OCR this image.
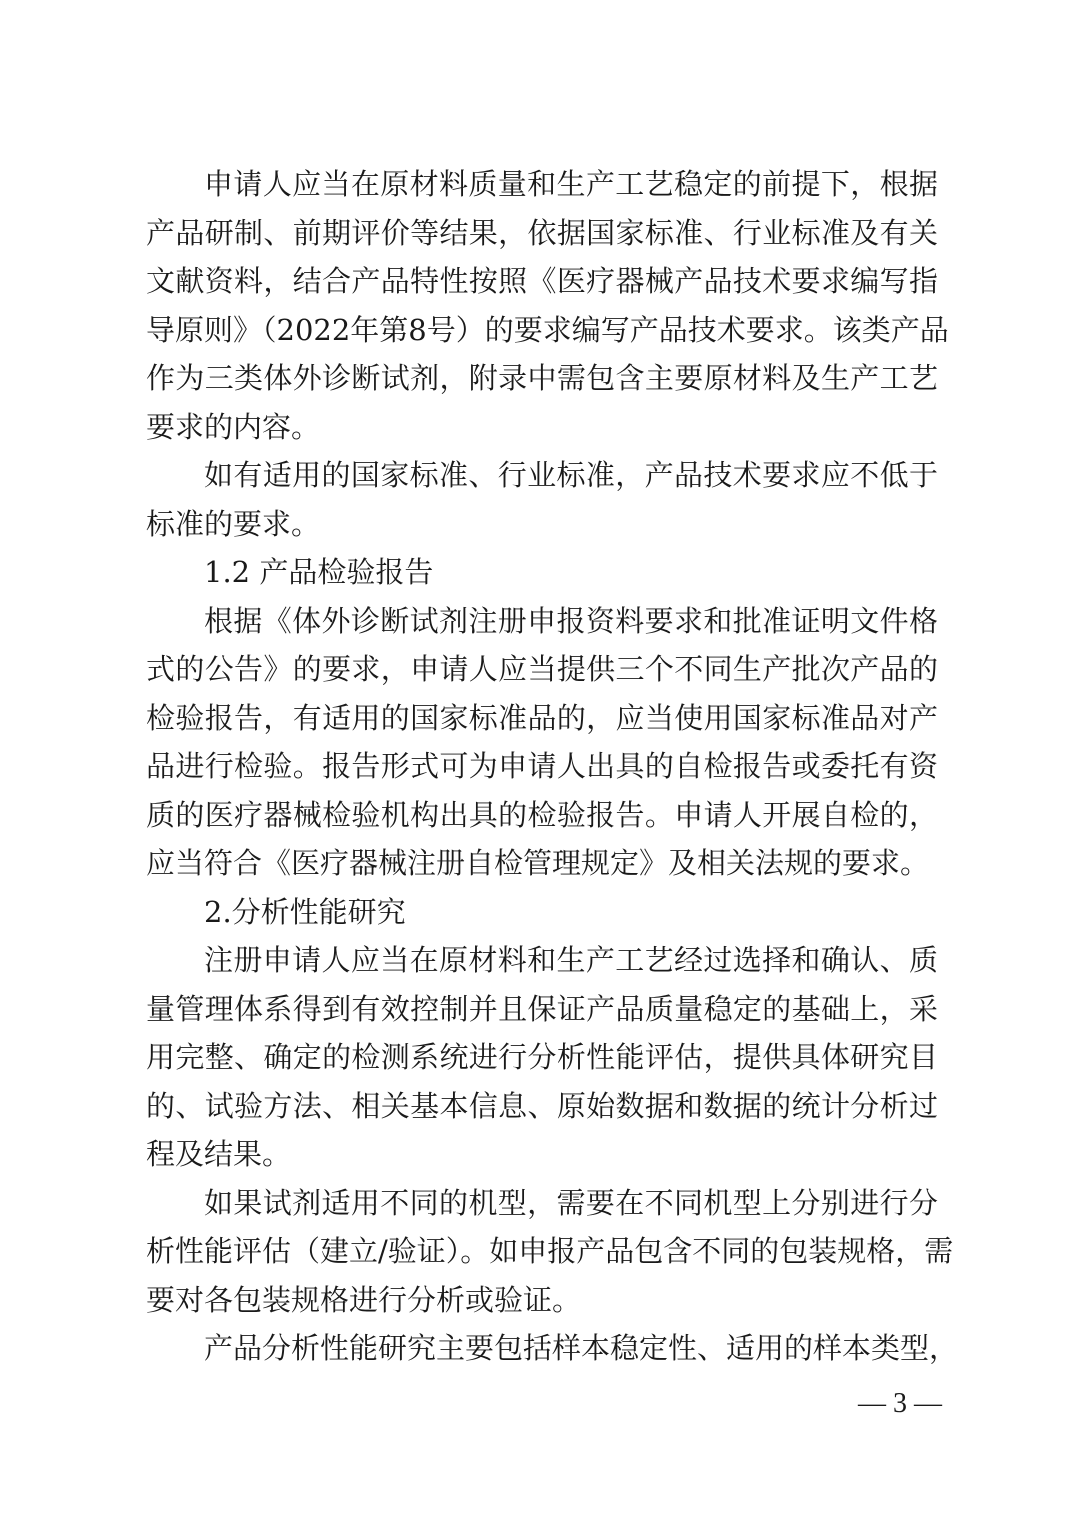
申请人应当在原材料质量和生产工艺稳定的前提下，根据
产品研制、前期评价等结果，依据国家标准、行业标准及有关
文献资料，结合产品特性按照《医疗器械产品技术要求编写指
导原则》（2022年第8号）的要求编写产品技术要求。该类产品
作为三类体外诊断试剂，附录中需包含主要原材料及生产工艺
要求的内容。
如有适用的国家标准、行业标准，产品技术要求应不低于
标准的要求。
1.2 产品检验报告
根据《体外诊断试剂注册申报资料要求和批准证明文件格
式的公告》的要求，申请人应当提供三个不同生产批次产品的
检验报告，有适用的国家标准品的，应当使用国家标准品对产
品进行检验。报告形式可为申请人出具的自检报告或委托有资
质的医疗器械检验机构出具的检验报告。申请人开展自检的，
应当符合《医疗器械注册自检管理规定》及相关法规的要求。
2.分析性能研究
注册申请人应当在原材料和生产工艺经过选择和确认、质
量管理体系得到有效控制并且保证产品质量稳定的基础上，采
用完整、确定的检测系统进行分析性能评估，提供具体研究目
的、试验方法、相关基本信息、原始数据和数据的统计分析过
程及结果。
如果试剂适用不同的机型，需要在不同机型上分别进行分
析性能评估（建立/验证）。如申报产品包含不同的包装规格，需
要对各包装规格进行分析或验证。
产品分析性能研究主要包括样本稳定性、适用的样本类型，
— 3 —
